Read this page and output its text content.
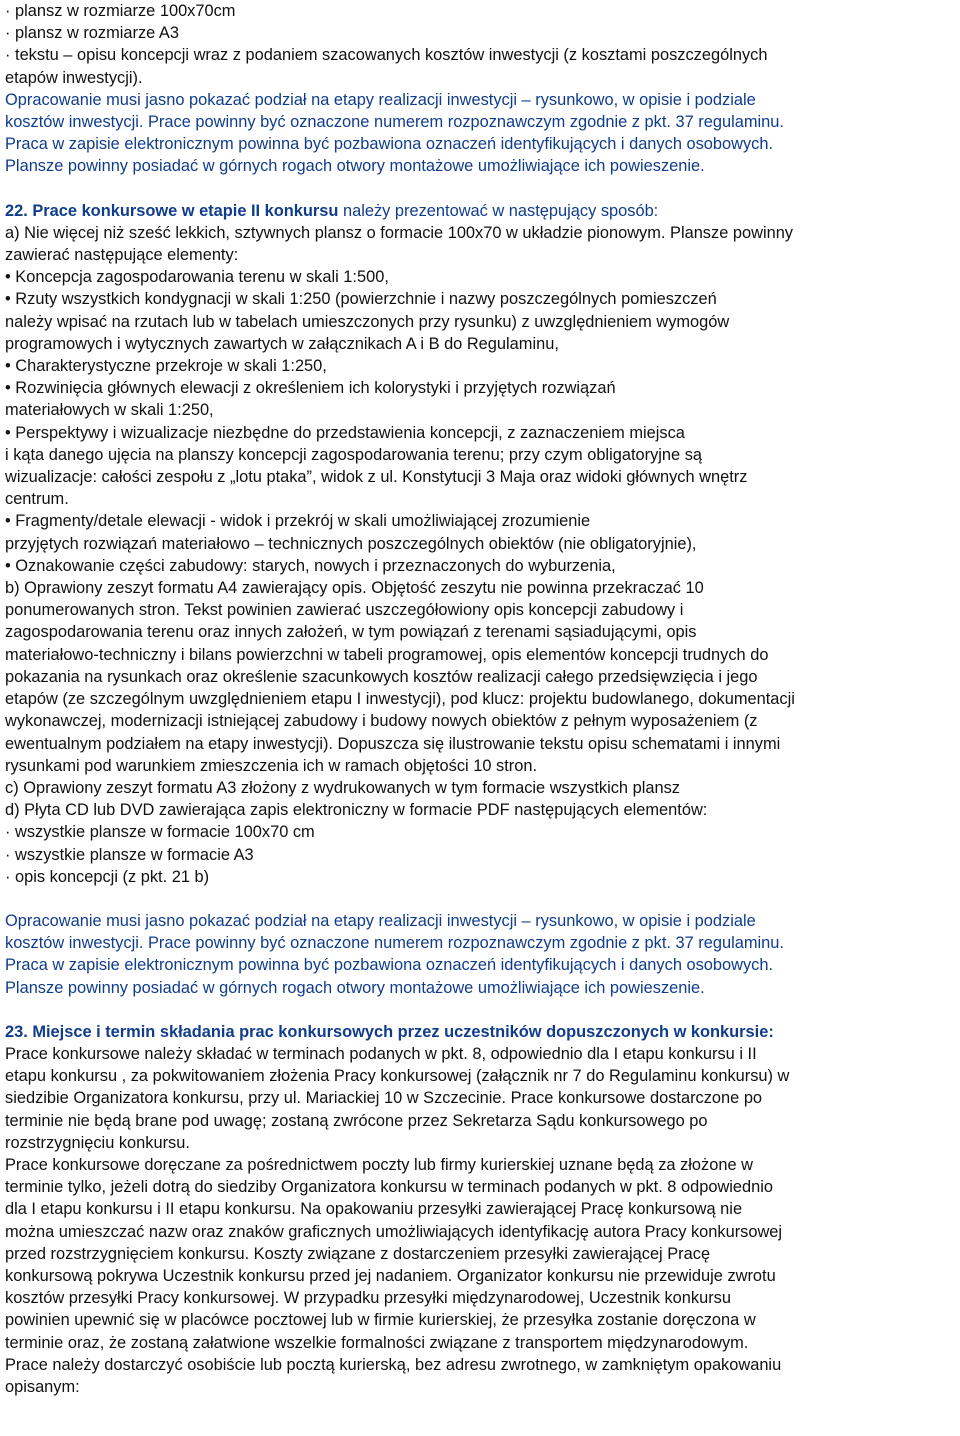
· plansz w rozmiarze 100x70cm
· plansz w rozmiarze A3
· tekstu – opisu koncepcji wraz z podaniem szacowanych kosztów inwestycji (z kosztami poszczególnych
etapów inwestycji).
Opracowanie musi jasno pokazać podział na etapy realizacji inwestycji – rysunkowo, w opisie i podziale
kosztów inwestycji. Prace powinny być oznaczone numerem rozpoznawczym zgodnie z pkt. 37 regulaminu.
Praca w zapisie elektronicznym powinna być pozbawiona oznaczeń identyfikujących i danych osobowych.
Plansze powinny posiadać w górnych rogach otwory montażowe umożliwiające ich powieszenie.
22. Prace konkursowe w etapie II konkursu należy prezentować w następujący sposób:
a) Nie więcej niż sześć lekkich, sztywnych plansz o formacie 100x70 w układzie pionowym. Plansze powinny
zawierać następujące elementy:
• Koncepcja zagospodarowania terenu w skali 1:500,
• Rzuty wszystkich kondygnacji w skali 1:250 (powierzchnie i nazwy poszczególnych pomieszczeń
należy wpisać na rzutach lub w tabelach umieszczonych przy rysunku) z uwzględnieniem wymogów
programowych i wytycznych zawartych w załącznikach A i B do Regulaminu,
• Charakterystyczne przekroje w skali 1:250,
• Rozwinięcia głównych elewacji z określeniem ich kolorystyki i przyjętych rozwiązań
materiałowych w skali 1:250,
• Perspektywy i wizualizacje niezbędne do przedstawienia koncepcji, z zaznaczeniem miejsca
i kąta danego ujęcia na planszy koncepcji zagospodarowania terenu; przy czym obligatoryjne są
wizualizacje: całości zespołu z „lotu ptaka”, widok z ul. Konstytucji 3 Maja oraz widoki głównych wnętrz
centrum.
• Fragmenty/detale elewacji - widok i przekrój w skali umożliwiającej zrozumienie
przyjętych rozwiązań materiałowo – technicznych poszczególnych obiektów (nie obligatoryjnie),
• Oznakowanie części zabudowy: starych, nowych i przeznaczonych do wyburzenia,
b) Oprawiony zeszyt formatu A4 zawierający opis. Objętość zeszytu nie powinna przekraczać 10
ponumerowanych stron. Tekst powinien zawierać uszczegółowiony opis koncepcji zabudowy i
zagospodarowania terenu oraz innych założeń, w tym powiązań z terenami sąsiadującymi, opis
materiałowo-techniczny i bilans powierzchni w tabeli programowej, opis elementów koncepcji trudnych do
pokazania na rysunkach oraz określenie szacunkowych kosztów realizacji całego przedsięwzięcia i jego
etapów (ze szczególnym uwzględnieniem etapu I inwestycji), pod klucz: projektu budowlanego, dokumentacji
wykonawczej, modernizacji istniejącej zabudowy i budowy nowych obiektów z pełnym wyposażeniem (z
ewentualnym podziałem na etapy inwestycji). Dopuszcza się ilustrowanie tekstu opisu schematami i innymi
rysunkami pod warunkiem zmieszczenia ich w ramach objętości 10 stron.
c) Oprawiony zeszyt formatu A3 złożony z wydrukowanych w tym formacie wszystkich plansz
d) Płyta CD lub DVD zawierająca zapis elektroniczny w formacie PDF następujących elementów:
· wszystkie plansze w formacie 100x70 cm
· wszystkie plansze w formacie A3
· opis koncepcji (z pkt. 21 b)
Opracowanie musi jasno pokazać podział na etapy realizacji inwestycji – rysunkowo, w opisie i podziale
kosztów inwestycji. Prace powinny być oznaczone numerem rozpoznawczym zgodnie z pkt. 37 regulaminu.
Praca w zapisie elektronicznym powinna być pozbawiona oznaczeń identyfikujących i danych osobowych.
Plansze powinny posiadać w górnych rogach otwory montażowe umożliwiające ich powieszenie.
23. Miejsce i termin składania prac konkursowych przez uczestników dopuszczonych w konkursie:
Prace konkursowe należy składać w terminach podanych w pkt. 8, odpowiednio dla I etapu konkursu i II
etapu konkursu , za pokwitowaniem złożenia Pracy konkursowej (załącznik nr 7 do Regulaminu konkursu) w
siedzibie Organizatora konkursu, przy ul. Mariackiej 10 w Szczecinie. Prace konkursowe dostarczone po
terminie nie będą brane pod uwagę; zostaną zwrócone przez Sekretarza Sądu konkursowego po
rozstrzygnięciu konkursu.
Prace konkursowe doręczane za pośrednictwem poczty lub firmy kurierskiej uznane będą za złożone w
terminie tylko, jeżeli dotrą do siedziby Organizatora konkursu w terminach podanych w pkt. 8 odpowiednio
dla I etapu konkursu i II etapu konkursu. Na opakowaniu przesyłki zawierającej Pracę konkursową nie
można umieszczać nazw oraz znaków graficznych umożliwiających identyfikację autora Pracy konkursowej
przed rozstrzygnięciem konkursu. Koszty związane z dostarczeniem przesyłki zawierającej Pracę
konkursową pokrywa Uczestnik konkursu przed jej nadaniem. Organizator konkursu nie przewiduje zwrotu
kosztów przesyłki Pracy konkursowej. W przypadku przesyłki międzynarodowej, Uczestnik konkursu
powinien upewnić się w placówce pocztowej lub w firmie kurierskiej, że przesyłka zostanie doręczona w
terminie oraz, że zostaną załatwione wszelkie formalności związane z transportem międzynarodowym.
Prace należy dostarczyć osobiście lub pocztą kurierską, bez adresu zwrotnego, w zamkniętym opakowaniu
opisanym:
